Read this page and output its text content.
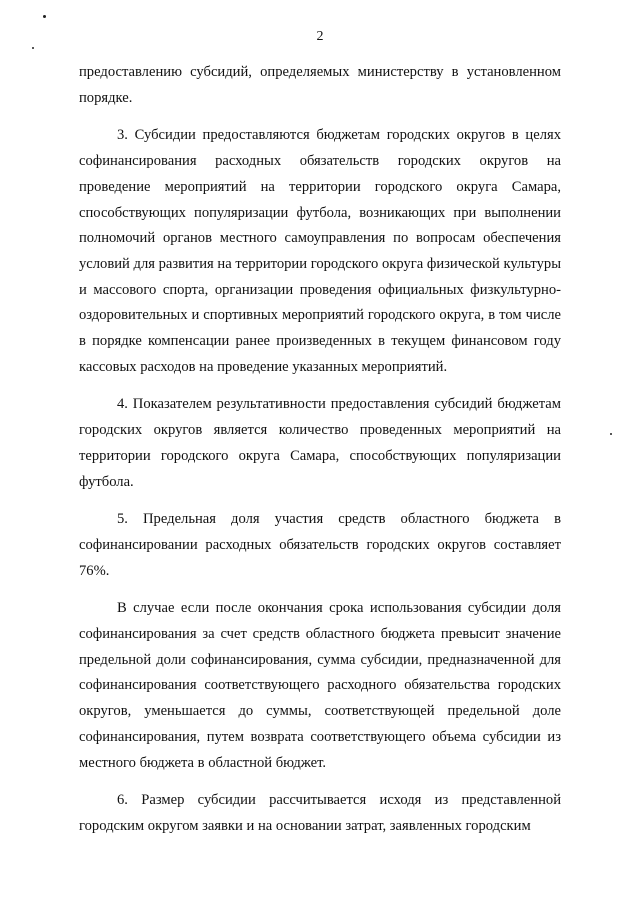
2

предоставлению субсидий, определяемых министерству в установленном порядке.

3. Субсидии предоставляются бюджетам городских округов в целях софинансирования расходных обязательств городских округов на проведение мероприятий на территории городского округа Самара, способствующих популяризации футбола, возникающих при выполнении полномочий органов местного самоуправления по вопросам обеспечения условий для развития на территории городского округа физической культуры и массового спорта, организации проведения официальных физкультурно-оздоровительных и спортивных мероприятий городского округа, в том числе в порядке компенсации ранее произведенных в текущем финансовом году кассовых расходов на проведение указанных мероприятий.

4. Показателем результативности предоставления субсидий бюджетам городских округов является количество проведенных мероприятий на территории городского округа Самара, способствующих популяризации футбола.

5. Предельная доля участия средств областного бюджета в софинансировании расходных обязательств городских округов составляет 76%.

В случае если после окончания срока использования субсидии доля софинансирования за счет средств областного бюджета превысит значение предельной доли софинансирования, сумма субсидии, предназначенной для софинансирования соответствующего расходного обязательства городских округов, уменьшается до суммы, соответствующей предельной доле софинансирования, путем возврата соответствующего объема субсидии из местного бюджета в областной бюджет.

6. Размер субсидии рассчитывается исходя из представленной городским округом заявки и на основании затрат, заявленных городским
